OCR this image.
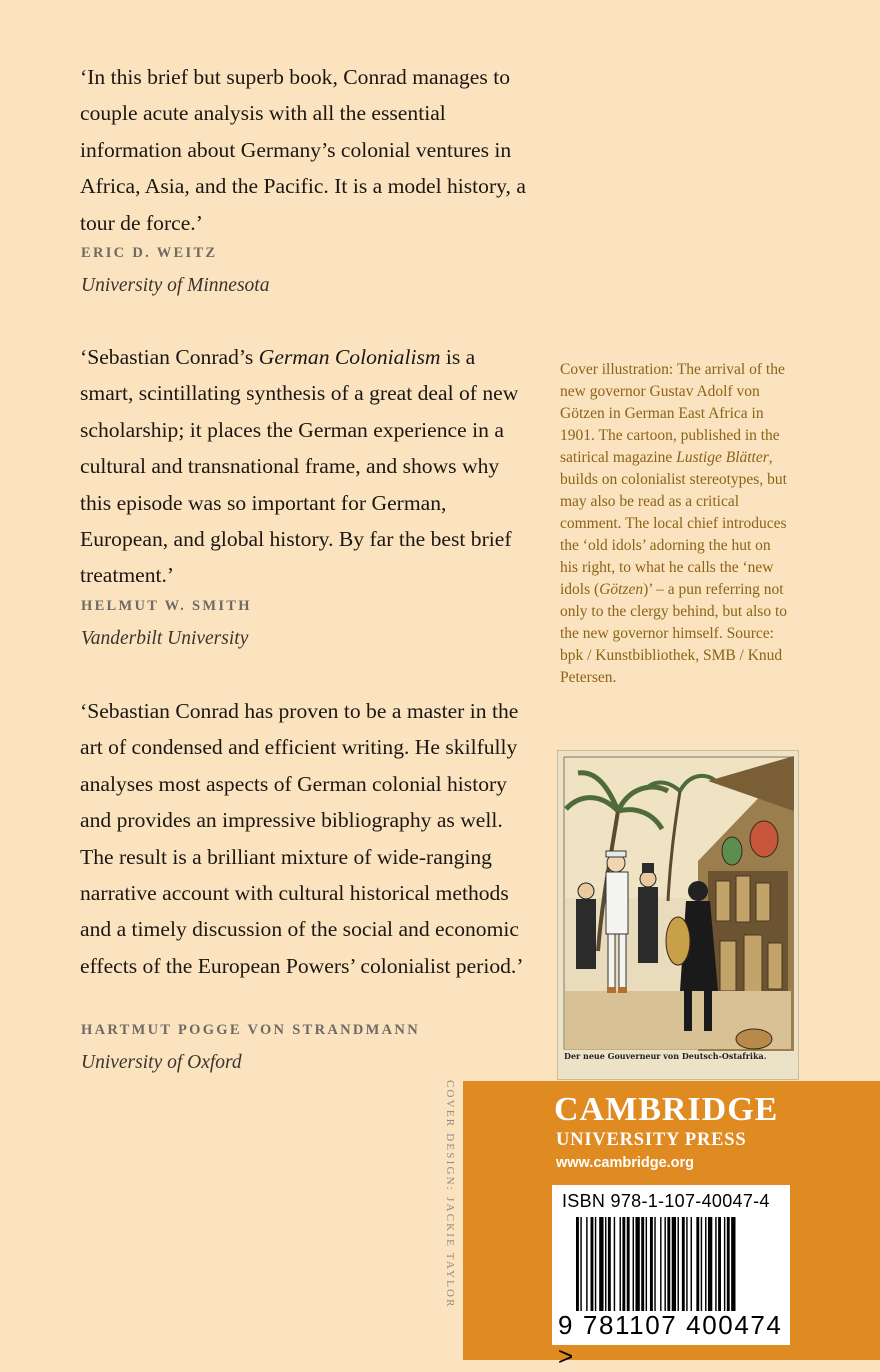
‘In this brief but superb book, Conrad manages to couple acute analysis with all the essential information about Germany’s colonial ventures in Africa, Asia, and the Pacific. It is a model history, a tour de force.’

ERIC D. WEITZ
University of Minnesota

‘Sebastian Conrad’s German Colonialism is a smart, scintillating synthesis of a great deal of new scholarship; it places the German experience in a cultural and transnational frame, and shows why this episode was so important for German, European, and global history. By far the best brief treatment.’

HELMUT W. SMITH
Vanderbilt University

‘Sebastian Conrad has proven to be a master in the art of condensed and efficient writing. He skilfully analyses most aspects of German colonial history and provides an impressive bibliography as well. The result is a brilliant mixture of wide-ranging narrative account with cultural historical methods and a timely discussion of the social and economic effects of the European Powers’ colonialist period.’

HARTMUT POGGE VON STRANDMANN
University of Oxford

Cover illustration: The arrival of the new governor Gustav Adolf von Götzen in German East Africa in 1901. The cartoon, published in the satirical magazine Lustige Blätter, builds on colonialist stereotypes, but may also be read as a critical comment. The local chief introduces the ‘old idols’ adorning the hut on his right, to what he calls the ‘new idols (Götzen)’ – a pun referring not only to the clergy behind, but also to the new governor himself. Source: bpk / Kunstbibliothek, SMB / Knud Petersen.

Der neue Gouverneur von Deutsch-Ostafrika.
COVER DESIGN: JACKIE TAYLOR	CAMBRIDGE
UNIVERSITY PRESS
www.cambridge.org
ISBN 978-1-107-40047-4
9 781107 400474 >
